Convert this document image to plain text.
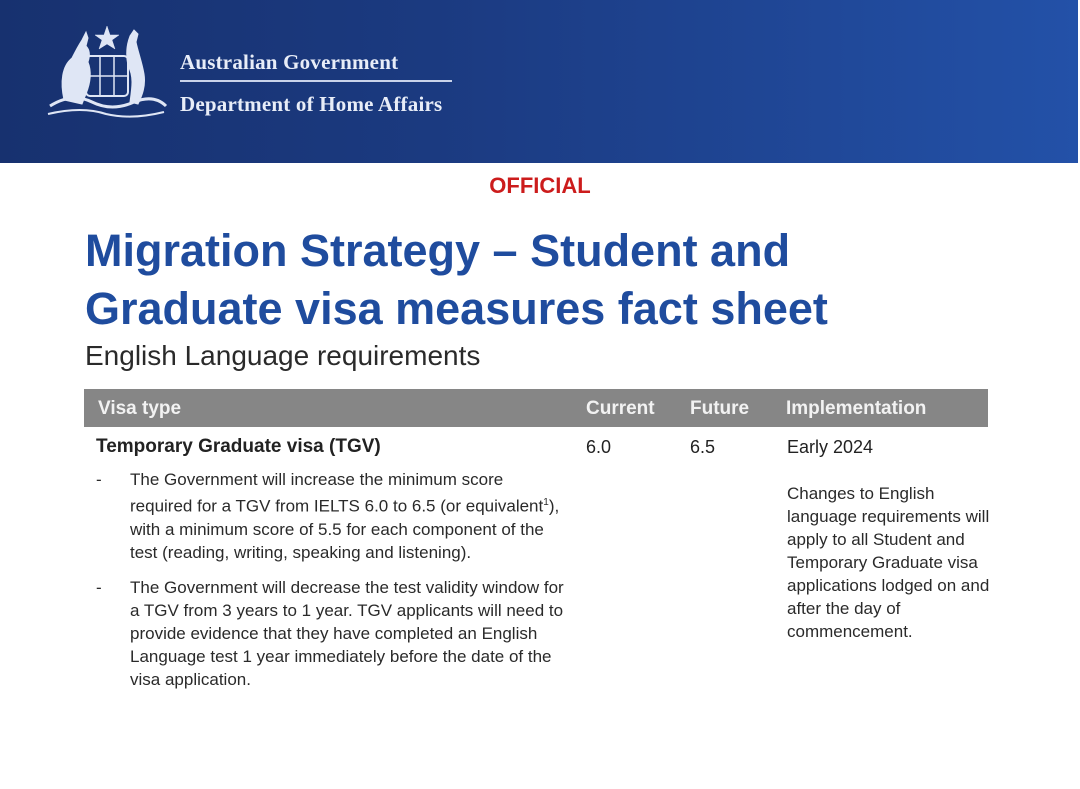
Australian Government
Department of Home Affairs
OFFICIAL
Migration Strategy – Student and
Graduate visa measures fact sheet
English Language requirements
Visa type	Current Future Implementation
Temporary Graduate visa (TGV)	6.0	6.5	Early 2024
- The Government will increase the minimum score required for a TGV from IELTS 6.0 to 6.5 (or equivalent$^1$), with a minimum score of 5.5 for each component of the test (reading, writing, speaking and listening).
- The Government will decrease the test validity window for a TGV from 3 years to 1 year. TGV applicants will need to provide evidence that they have completed an English Language test 1 year immediately before the date of the visa application.
Changes to English language requirements will apply to all Student and Temporary Graduate visa applications lodged on and after the day of commencement.
